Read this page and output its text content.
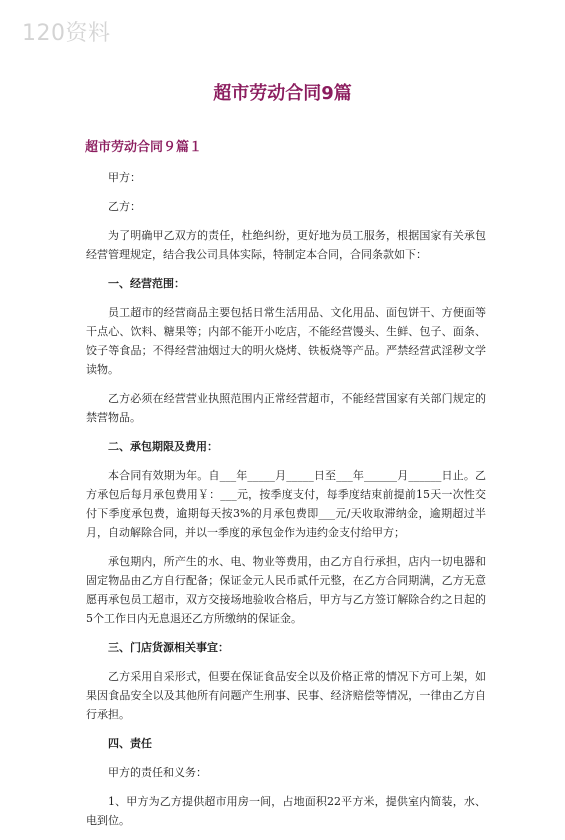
120资料
超市劳动合同9篇
超市劳动合同９篇１

甲方：

乙方：

为了明确甲乙双方的责任，杜绝纠纷，更好地为员工服务，根据国家有关承包经营管理规定，结合我公司具体实际，特制定本合同，合同条款如下：

一、经营范围：

员工超市的经营商品主要包括日常生活用品、文化用品、面包饼干、方便面等干点心、饮料、糖果等；内部不能开小吃店，不能经营馒头、生鲜、包子、面条、饺子等食品；不得经营油烟过大的明火烧烤、铁板烧等产品。严禁经营武淫秽文学读物。

乙方必须在经营营业执照范围内正常经营超市，不能经营国家有关部门规定的禁营物品。

二、承包期限及费用：

本合同有效期为年。自___年_____月_____日至___年______月______日止。乙方承包后每月承包费用￥：___元，按季度支付，每季度结束前提前15天一次性交付下季度承包费，逾期每天按3%的月承包费即___元/天收取滞纳金，逾期超过半月，自动解除合同，并以一季度的承包金作为违约金支付给甲方；

承包期内，所产生的水、电、物业等费用，由乙方自行承担，店内一切电器和固定物品由乙方自行配备；保证金元人民币贰仟元整，在乙方合同期满，乙方无意愿再承包员工超市，双方交接场地验收合格后，甲方与乙方签订解除合约之日起的5个工作日内无息退还乙方所缴纳的保证金。

三、门店货源相关事宜：

乙方采用自采形式，但要在保证食品安全以及价格正常的情况下方可上架，如果因食品安全以及其他所有问题产生刑事、民事、经济赔偿等情况，一律由乙方自行承担。

四、责任

甲方的责任和义务：

1、甲方为乙方提供超市用房一间，占地面积22平方米，提供室内简装，水、电到位。
